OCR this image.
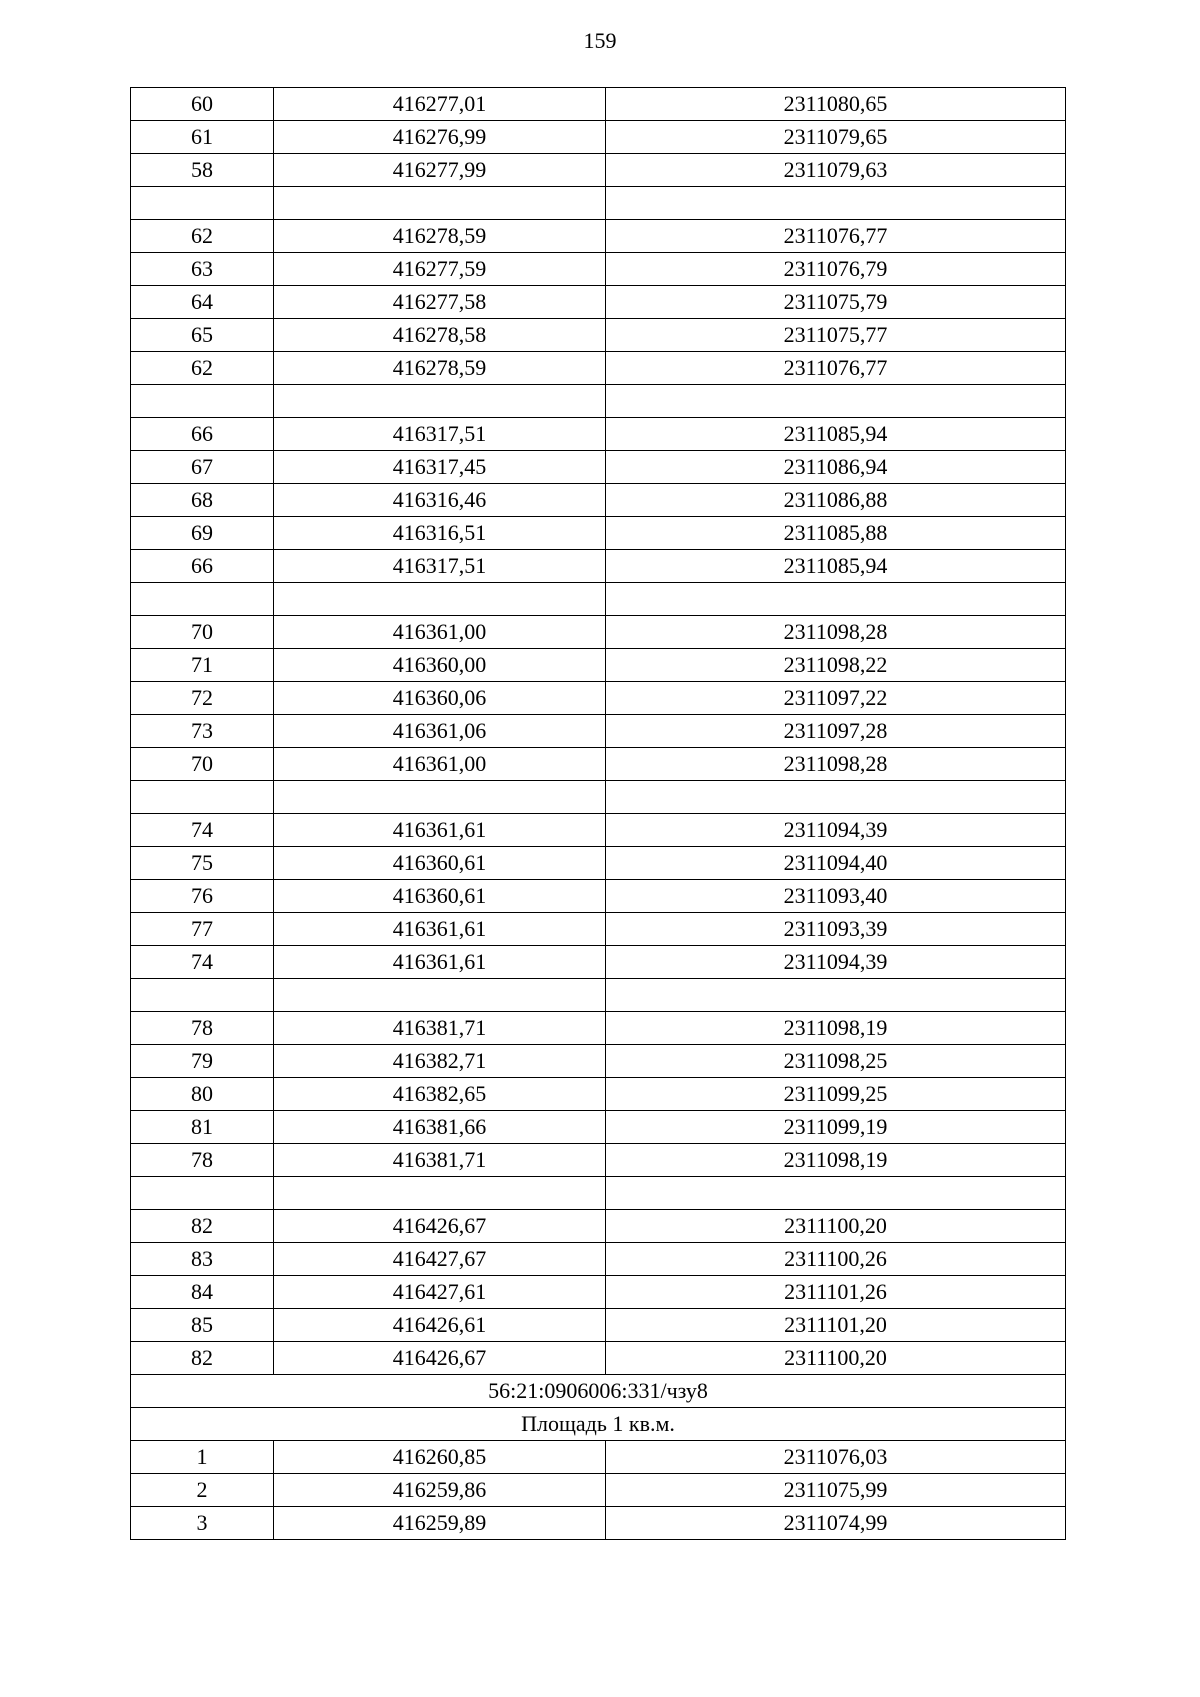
159
60	416277,01	2311080,65
61	416276,99	2311079,65
58	416277,99	2311079,63

62	416278,59	2311076,77
63	416277,59	2311076,79
64	416277,58	2311075,79
65	416278,58	2311075,77
62	416278,59	2311076,77

66	416317,51	2311085,94
67	416317,45	2311086,94
68	416316,46	2311086,88
69	416316,51	2311085,88
66	416317,51	2311085,94

70	416361,00	2311098,28
71	416360,00	2311098,22
72	416360,06	2311097,22
73	416361,06	2311097,28
70	416361,00	2311098,28

74	416361,61	2311094,39
75	416360,61	2311094,40
76	416360,61	2311093,40
77	416361,61	2311093,39
74	416361,61	2311094,39

78	416381,71	2311098,19
79	416382,71	2311098,25
80	416382,65	2311099,25
81	416381,66	2311099,19
78	416381,71	2311098,19

82	416426,67	2311100,20
83	416427,67	2311100,26
84	416427,61	2311101,26
85	416426,61	2311101,20
82	416426,67	2311100,20
56:21:0906006:331/чзу8		
Площадь 1 кв.м.		
1	416260,85	2311076,03
2	416259,86	2311075,99
3	416259,89	2311074,99
